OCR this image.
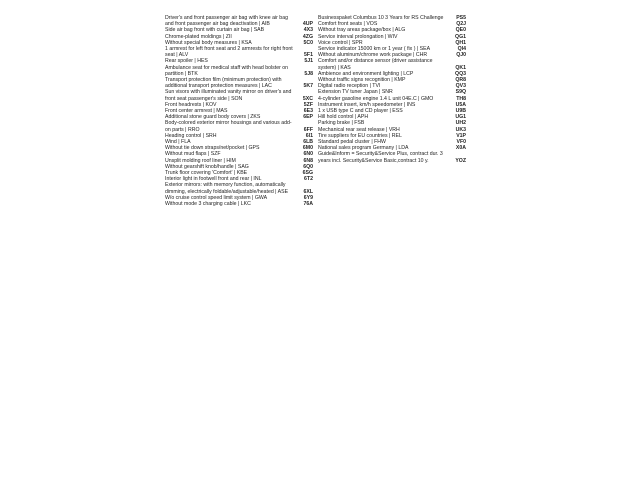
Driver's and front passenger air bag with knee air bag and front passenger air bag deactivation | AIB	4UP
Side air bag front with curtain air bag | SAB	4X3
Chrome-plated moldings | ZII	4ZG
Without special body measures | KSA	5C0
1 armrest for left front seat and 2 armrests for right front seat | ALV	5F1
Rear spoiler | HES	5J1
Ambulance seat for medical staff with head bolster on partition | BTK	5J8
Transport protection film (minimum protection) with additional transport protection measures | LAC	5K7
Sun visors with illuminated vanity mirror on driver's and front seat passenger's side | SON	5XC
Front headrests | KOV	5ZF
Front center armrest | MAS	6E3
Additional stone guard body covers | ZKS	6EP
Body-colored exterior mirror housings and various add-on parts | RRO	6FF
Heading control | SRH	6I1
Wind | FLA	6LB
Without tie down straps/net/pocket | GPS	6M0
Without mud flaps | SZF	6N0
Unsplit molding roof liner | HIM	6N8
Without gearshift knob/handle | SAG	6Q0
Trunk floor covering 'Comfort' | KBE	6SG
Interior light in footwell front and rear | INL	6T2
Exterior mirrors: with memory function, automatically dimming, electrically foldable/adjustable/heated | ASE	6XL
W/o cruise control speed limit system | GWA	6Y9
Without mode 3 charging cable | LKC	76A
Businesspaket Columbus 10 3 Years for RS Challenge	PS5
Comfort front seats | VOS	Q2J
Without tray areas package/box | ALG	QE0
Service interval prolongation | WIV	QG1
Voice control | SPR	QH1
Service indicator 15000 km or 1 year ( fix ) | SEA	QI4
Without aluminum/chrome work package | CHR	QJ0
Comfort and/or distance sensor (driver assistance system) | KAS	QK1
Ambience and environment lighting | LCP	QQ3
Without traffic signs recognition | KMP	QR8
Digital radio reception | TVI	QV3
Extension TV tuner Japan | SNR	S9Q
4-cylinder gasoline engine 1.4 L unit 04E.C | GMO	TH8
Instrument insert, km/h speedometer | INS	U5A
1 x USB type C and CD player | ESS	U9B
Hill hold control | APH	UG1
Parking brake | FSB	UH2
Mechanical rear seat release | VRH	UK3
Tire suppliers for EU countries | REL	V1P
Standard pedal cluster | FHW	VF0
National sales program Germany | LDA	X0A
Guide&Inform = Security&Service Plus, contract dur. 3 years incl. Security&Service Basic,contract 10 y.	YOZ
